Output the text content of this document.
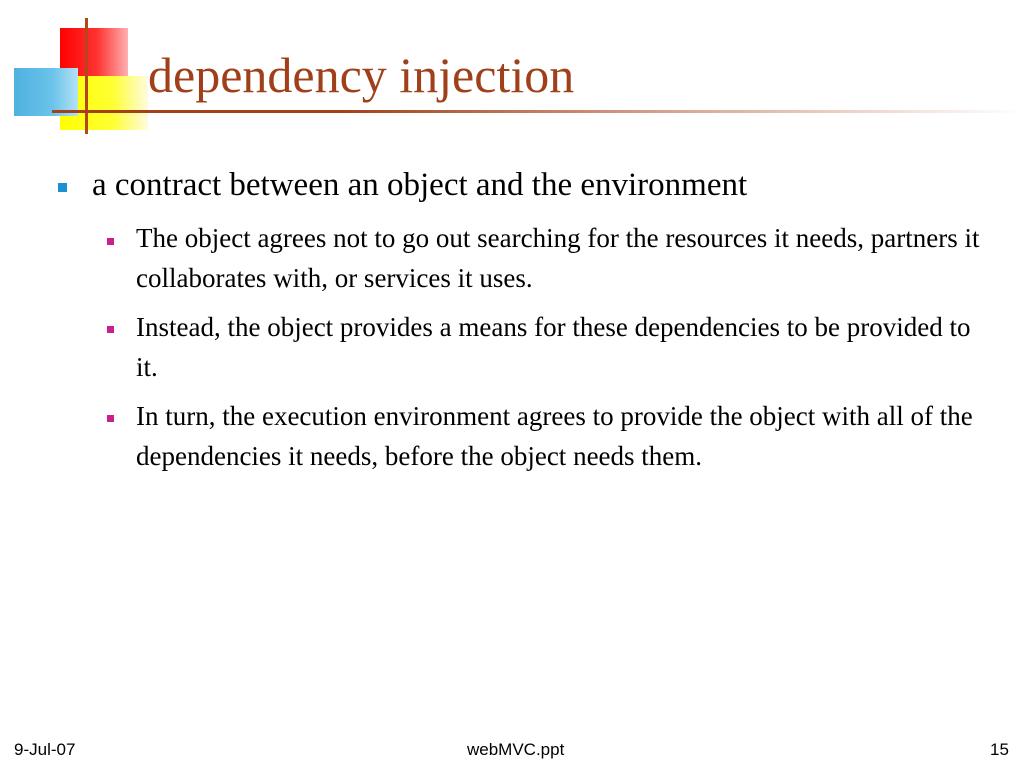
dependency injection
a contract between an object and the environment
The object agrees not to go out searching for the resources it needs, partners it collaborates with, or services it uses.
Instead, the object provides a means for these dependencies to be provided to it.
In turn, the execution environment agrees to provide the object with all of the dependencies it needs, before the object needs them.
9-Jul-07	webMVC.ppt	15
